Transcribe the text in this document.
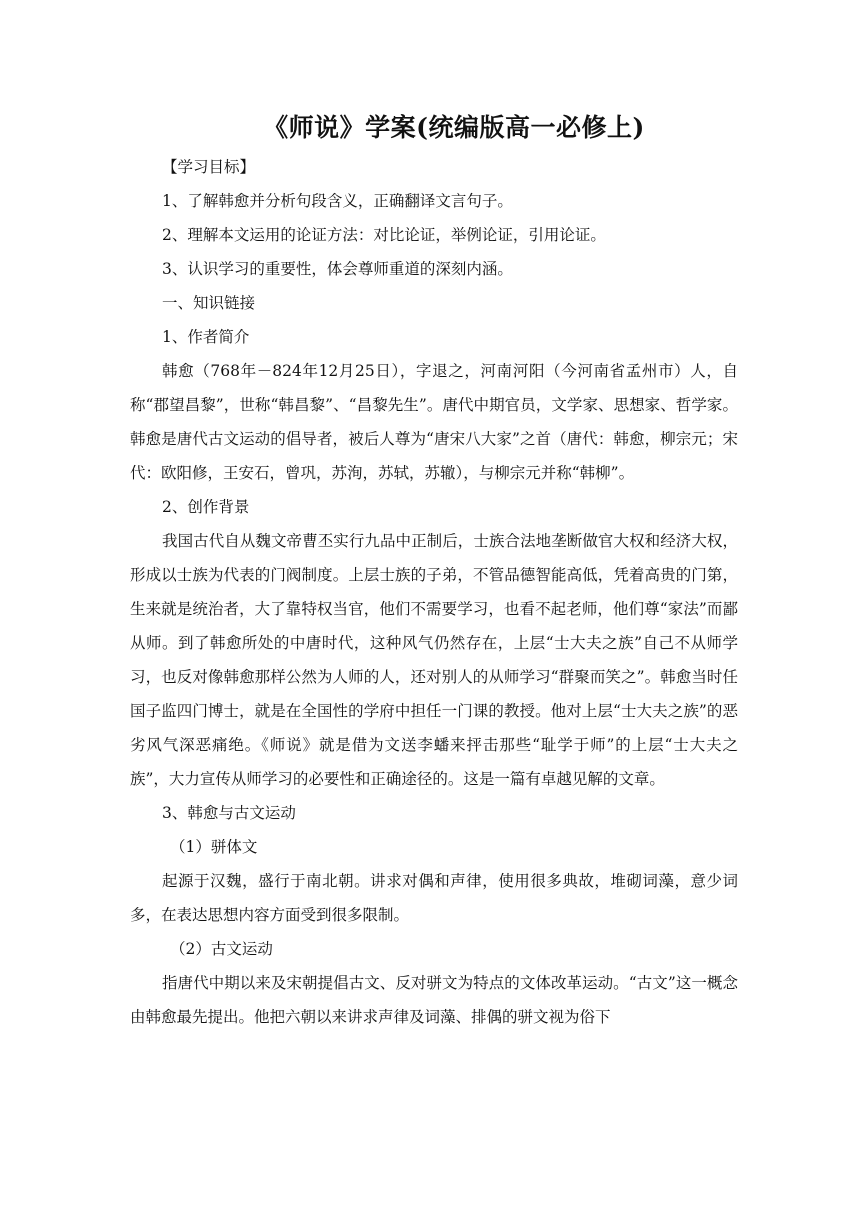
《师说》学案(统编版高一必修上)

【学习目标】

1、了解韩愈并分析句段含义，正确翻译文言句子。

2、理解本文运用的论证方法：对比论证，举例论证，引用论证。

3、认识学习的重要性，体会尊师重道的深刻内涵。

一、知识链接

1、作者简介

韩愈（768年－824年12月25日），字退之，河南河阳（今河南省孟州市）人，自称“郡望昌黎”，世称“韩昌黎”、“昌黎先生”。唐代中期官员，文学家、思想家、哲学家。韩愈是唐代古文运动的倡导者，被后人尊为“唐宋八大家”之首（唐代：韩愈，柳宗元；宋代：欧阳修，王安石，曾巩，苏洵，苏轼，苏辙），与柳宗元并称“韩柳”。

2、创作背景

我国古代自从魏文帝曹丕实行九品中正制后，士族合法地垄断做官大权和经济大权，形成以士族为代表的门阀制度。上层士族的子弟，不管品德智能高低，凭着高贵的门第，生来就是统治者，大了靠特权当官，他们不需要学习，也看不起老师，他们尊“家法”而鄙从师。到了韩愈所处的中唐时代，这种风气仍然存在，上层“士大夫之族”自己不从师学习，也反对像韩愈那样公然为人师的人，还对别人的从师学习“群聚而笑之”。韩愈当时任国子监四门博士，就是在全国性的学府中担任一门课的教授。他对上层“士大夫之族”的恶劣风气深恶痛绝。《师说》就是借为文送李蟠来抨击那些“耻学于师”的上层“士大夫之族”，大力宣传从师学习的必要性和正确途径的。这是一篇有卓越见解的文章。

3、韩愈与古文运动

（1）骈体文

起源于汉魏，盛行于南北朝。讲求对偶和声律，使用很多典故，堆砌词藻，意少词多，在表达思想内容方面受到很多限制。

（2）古文运动

指唐代中期以来及宋朝提倡古文、反对骈文为特点的文体改革运动。“古文”这一概念由韩愈最先提出。他把六朝以来讲求声律及词藻、排偶的骈文视为俗下
